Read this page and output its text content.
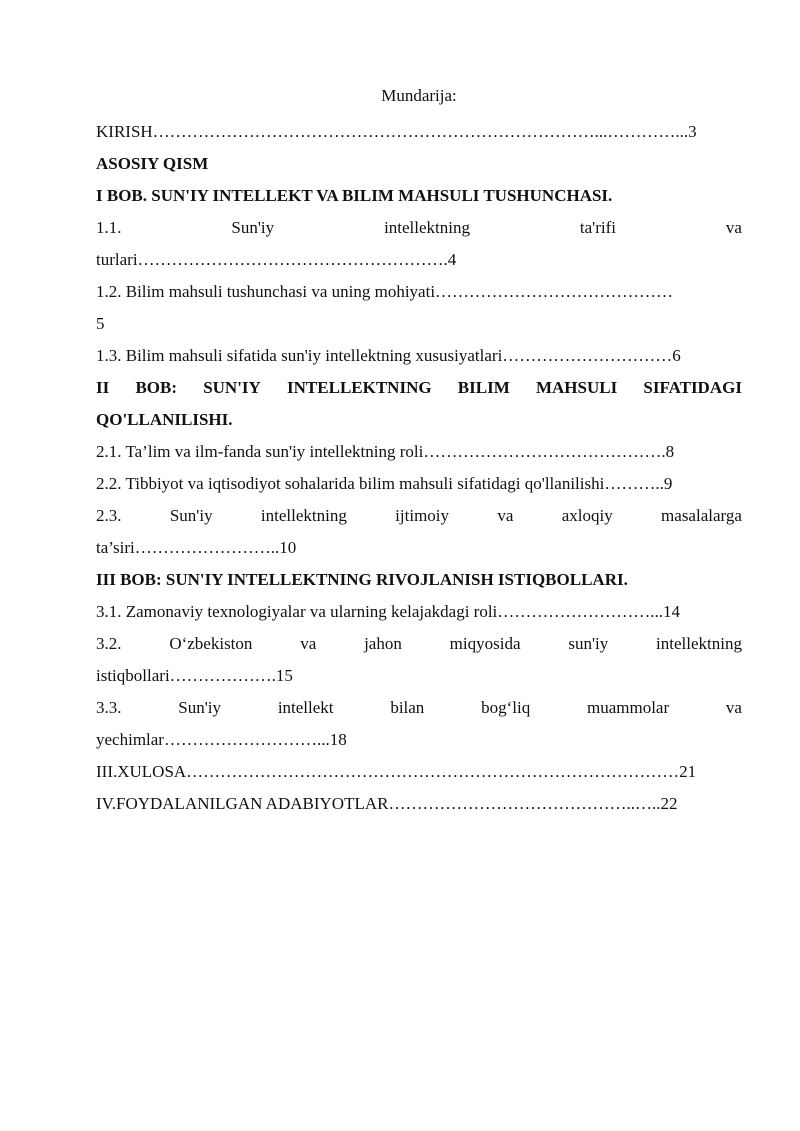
Mundarija:
KIRISH……………………………………………………………………...…………...3
ASOSIY QISM
I BOB. SUN'IY INTELLEKT VA BILIM MAHSULI TUSHUNCHASI.
1.1.	Sun'iy	intellektning	ta'rifi	va
turlari……………………………………………….4
1.2. Bilim mahsuli tushunchasi va uning mohiyati……………………………………
5
1.3. Bilim mahsuli sifatida sun'iy intellektning xususiyatlari…………………………6
II BOB: SUN'IY INTELLEKTNING BILIM MAHSULI SIFATIDAGI
QO'LLANILISHI.
2.1. Ta’lim va ilm-fanda sun'iy intellektning roli…………………………………….8
2.2. Tibbiyot va iqtisodiyot sohalarida bilim mahsuli sifatidagi qo'llanilishi………..9
2.3.	Sun'iy	intellektning	ijtimoiy	va	axloqiy	masalalarga
ta’siri……………………..10
III BOB: SUN'IY INTELLEKTNING RIVOJLANISH ISTIQBOLLARI.
3.1. Zamonaviy texnologiyalar va ularning kelajakdagi roli………………………...14
3.2.	O‘zbekiston	va	jahon	miqyosida	sun'iy	intellektning
istiqbollari……………….15
3.3.	Sun'iy	intellekt	bilan	bog‘liq	muammolar	va
yechimlar………………………...18
III.XULOSA……………………………………………………………………………21
IV.FOYDALANILGAN ADABIYOTLAR……………………………………..…..22
